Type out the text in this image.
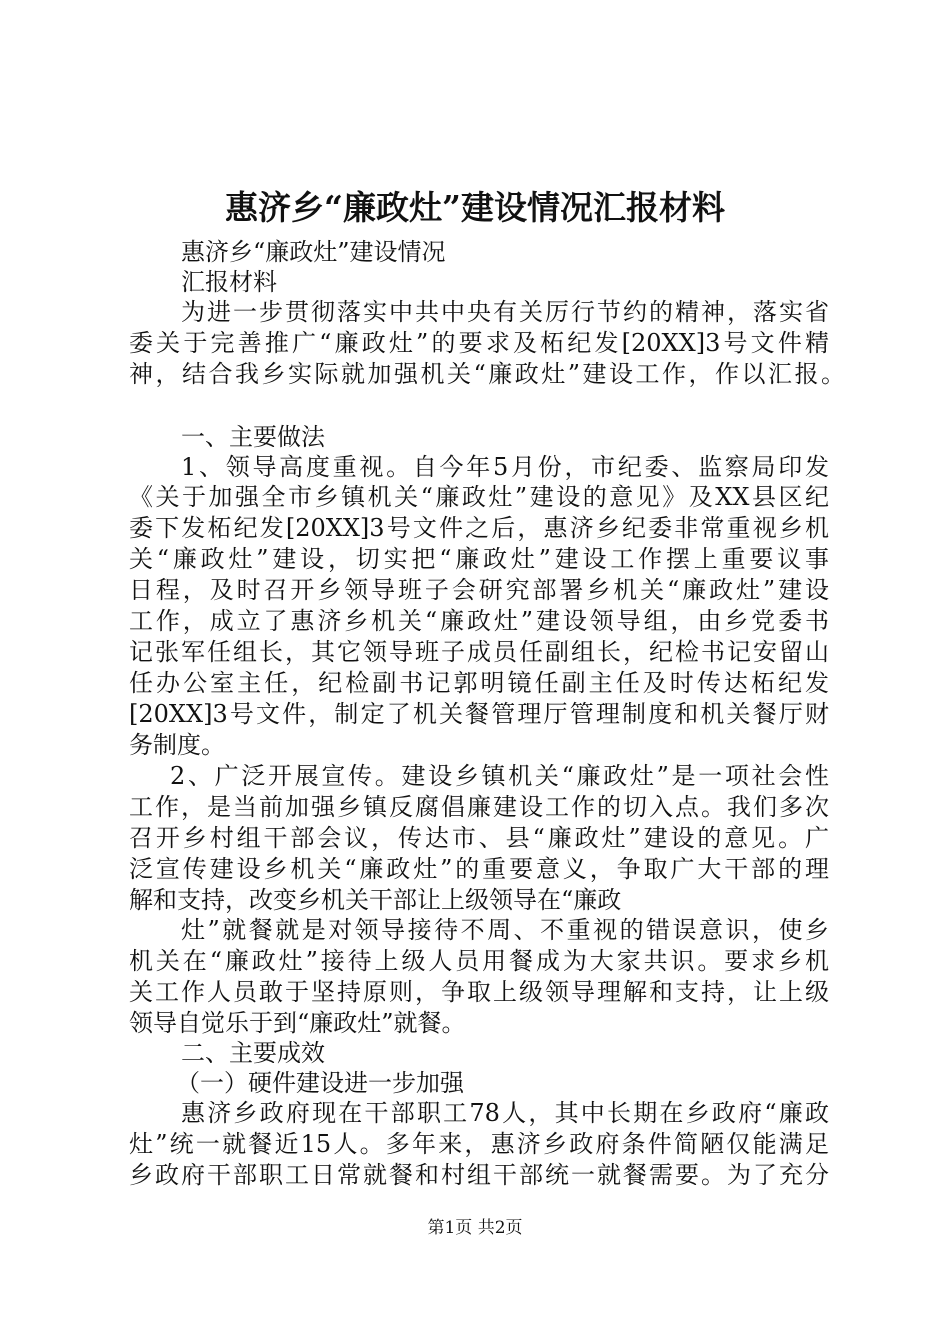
惠济乡“廉政灶”建设情况汇报材料
惠济乡“廉政灶”建设情况
汇报材料
为进一步贯彻落实中共中央有关厉行节约的精神，落实省
委关于完善推广“廉政灶”的要求及柘纪发[20XX]3号文件精
神，结合我乡实际就加强机关“廉政灶”建设工作，作以汇报。
一、主要做法
1、领导高度重视。自今年5月份，市纪委、监察局印发
《关于加强全市乡镇机关“廉政灶”建设的意见》及XX县区纪
委下发柘纪发[20XX]3号文件之后，惠济乡纪委非常重视乡机
关“廉政灶”建设，切实把“廉政灶”建设工作摆上重要议事
日程，及时召开乡领导班子会研究部署乡机关“廉政灶”建设
工作，成立了惠济乡机关“廉政灶”建设领导组，由乡党委书
记张军任组长，其它领导班子成员任副组长，纪检书记安留山
任办公室主任，纪检副书记郭明镜任副主任及时传达柘纪发
[20XX]3号文件，制定了机关餐管理厅管理制度和机关餐厅财
务制度。
2、广泛开展宣传。建设乡镇机关“廉政灶”是一项社会性
工作，是当前加强乡镇反腐倡廉建设工作的切入点。我们多次
召开乡村组干部会议，传达市、县“廉政灶”建设的意见。广
泛宣传建设乡机关“廉政灶”的重要意义，争取广大干部的理
解和支持，改变乡机关干部让上级领导在“廉政
灶”就餐就是对领导接待不周、不重视的错误意识，使乡
机关在“廉政灶”接待上级人员用餐成为大家共识。要求乡机
关工作人员敢于坚持原则，争取上级领导理解和支持，让上级
领导自觉乐于到“廉政灶”就餐。
二、主要成效
（一）硬件建设进一步加强
惠济乡政府现在干部职工78人，其中长期在乡政府“廉政
灶”统一就餐近15人。多年来，惠济乡政府条件简陋仅能满足
乡政府干部职工日常就餐和村组干部统一就餐需要。为了充分
第1页 共2页
